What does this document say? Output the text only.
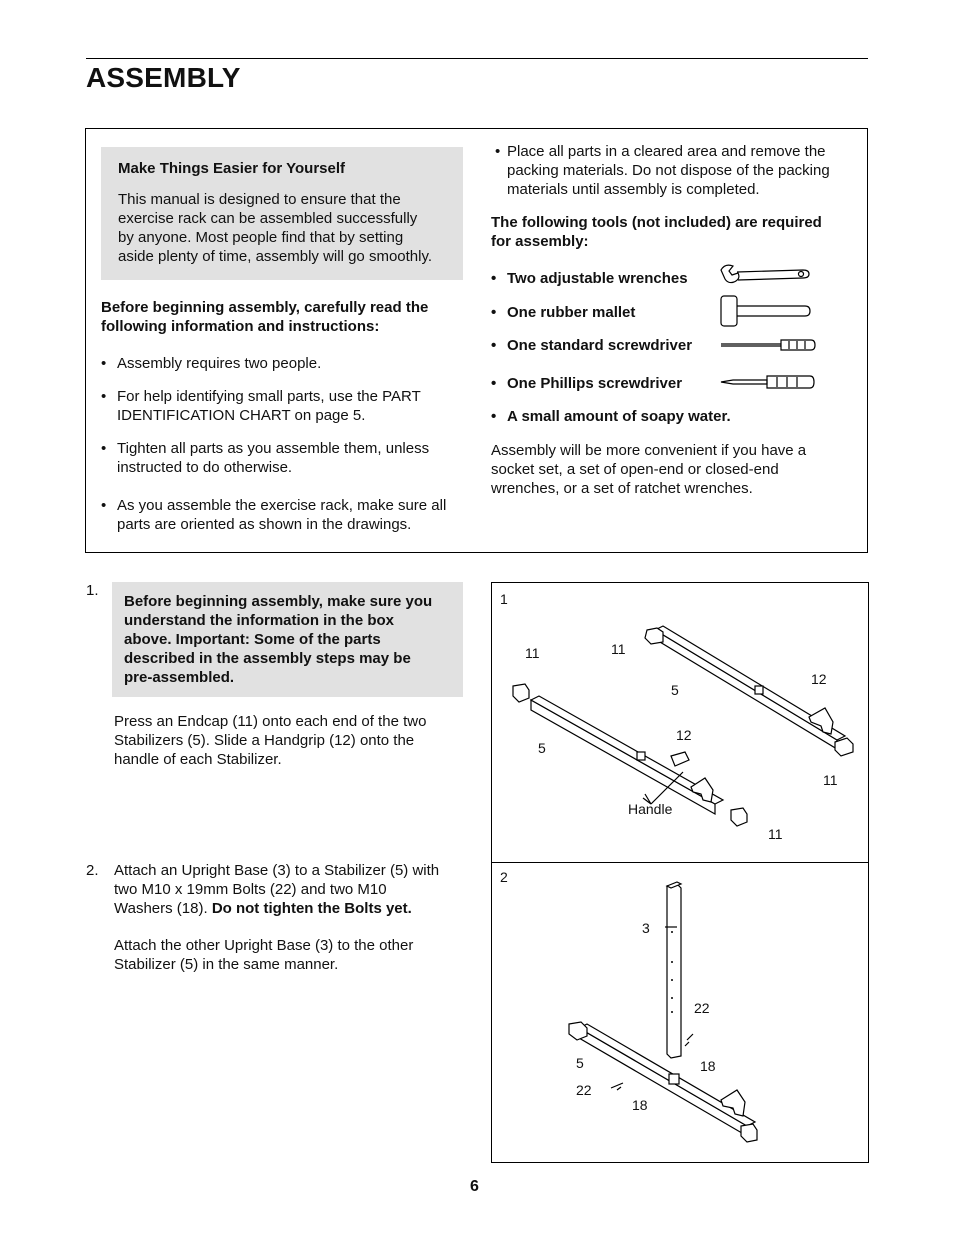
ASSEMBLY
Make Things Easier for Yourself
This manual is designed to ensure that the
exercise rack can be assembled successfully
by anyone. Most people find that by setting
aside plenty of time, assembly will go smoothly.
Before beginning assembly, carefully read the
following information and instructions:
• Assembly requires two people.
• For help identifying small parts, use the PART
IDENTIFICATION CHART on page 5.
• Tighten all parts as you assemble them, unless
instructed to do otherwise.
• As you assemble the exercise rack, make sure all
parts are oriented as shown in the drawings.
• Place all parts in a cleared area and remove the
packing materials. Do not dispose of the packing
materials until assembly is completed.
The following tools (not included) are required
for assembly:
• Two adjustable wrenches
• One rubber mallet
• One standard screwdriver
• One Phillips screwdriver
• A small amount of soapy water.
Assembly will be more convenient if you have a
socket set, a set of open-end or closed-end
wrenches, or a set of ratchet wrenches.
1.
Before beginning assembly, make sure you
understand the information in the box
above. Important: Some of the parts
described in the assembly steps may be
pre-assembled.
Press an Endcap (11) onto each end of the two
Stabilizers (5). Slide a Handgrip (12) onto the
handle of each Stabilizer.
2. Attach an Upright Base (3) to a Stabilizer (5) with
two M10 x 19mm Bolts (22) and two M10
Washers (18). Do not tighten the Bolts yet.
Attach the other Upright Base (3) to the other
Stabilizer (5) in the same manner.
1
11	11
5
12
5
12
11
Handle
11
2
3
22
18
5
22
18
6
